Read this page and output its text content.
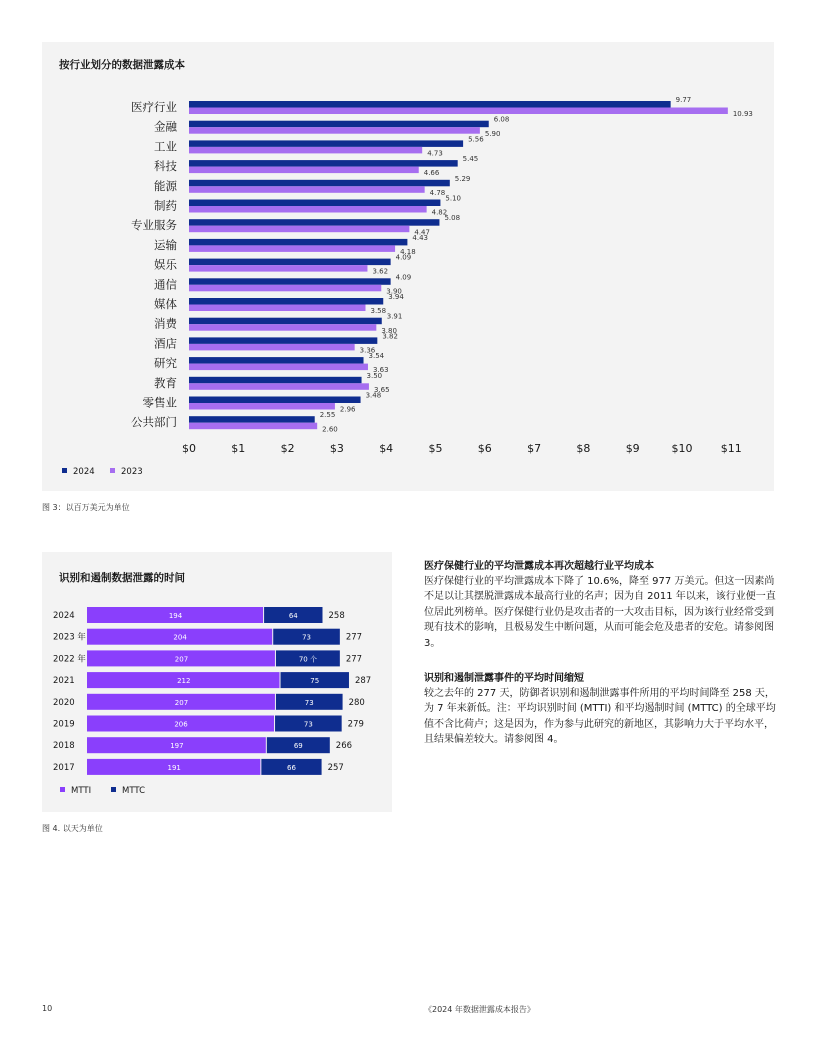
按行业划分的数据泄露成本
医疗行业	9.77
10.93
金融	6.08
5.90
工业	5.56
4.73
科技	5.45
4.66
能源	5.29
4.78
制药	5.10
4.82
专业服务	5.08
4.47
运输	4.43
4.18
娱乐	4.09
3.62
通信	4.09
3.90
媒体	3.94
3.58
消费	3.91
3.80
酒店	3.82
3.36
研究	3.54
3.63
教育	3.50
3.65
零售业	3.48
2.96
公共部门	2.55
2.60
$0	$1	$2	$3	$4	$5	$6	$7	$8	$9	$10	$11
2024	2023
图 3：以百万美元为单位
识别和遏制数据泄露的时间
2024	194	64	258
2023 年	204	73	277
2022 年	207	70 个	277
2021	212	75	287
2020	207	73	280
2019	206	73	279
2018	197	69	266
2017	191	66	257
MTTI	MTTC
图 4. 以天为单位
医疗保健行业的平均泄露成本再次超越行业平均成本

医疗保健行业的平均泄露成本下降了 10.6%，降至 977 万美元。但这一因素尚不足以让其摆脱泄露成本最高行业的名声；因为自 2011 年以来，该行业便一直位居此列榜单。医疗保健行业仍是攻击者的一大攻击目标，因为该行业经常受到现有技术的影响，且极易发生中断问题，从而可能会危及患者的安危。请参阅图 3。

识别和遏制泄露事件的平均时间缩短

较之去年的 277 天，防御者识别和遏制泄露事件所用的平均时间降至 258 天，为 7 年来新低。注：平均识别时间 (MTTI) 和平均遏制时间 (MTTC) 的全球平均值不含比荷卢；这是因为，作为参与此研究的新地区，其影响力大于平均水平，且结果偏差较大。请参阅图 4。

10	《2024 年数据泄露成本报告》
